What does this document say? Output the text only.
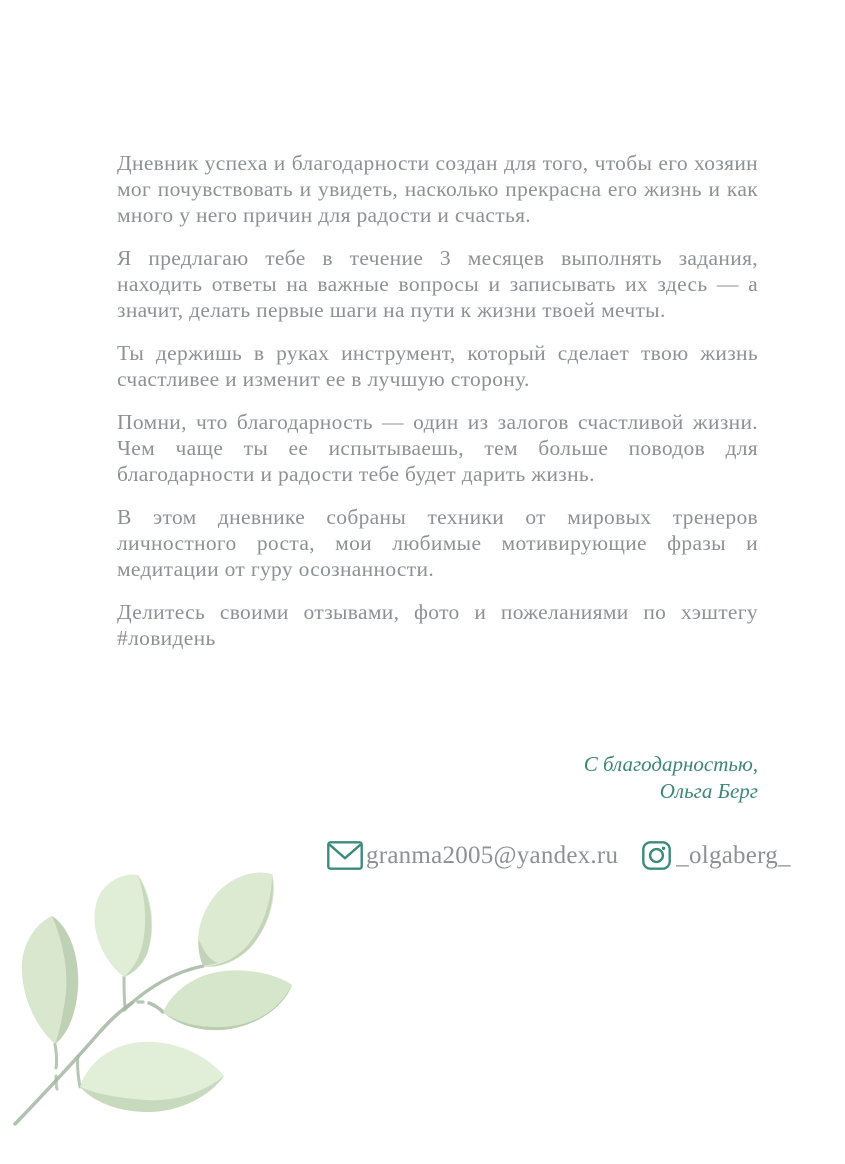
Дневник успеха и благодарности создан для того, чтобы его хозяин мог почувствовать и увидеть, насколько прекрасна его жизнь и как много у него причин для радости и счастья.

Я предлагаю тебе в течение 3 месяцев выполнять задания, находить ответы на важные вопросы и записывать их здесь — а значит, делать первые шаги на пути к жизни твоей мечты.

Ты держишь в руках инструмент, который сделает твою жизнь счастливее и изменит ее в лучшую сторону.

Помни, что благодарность — один из залогов счастливой жизни. Чем чаще ты ее испытываешь, тем больше поводов для благодарности и радости тебе будет дарить жизнь.

В этом дневнике собраны техники от мировых тренеров личностного роста, мои любимые мотивирующие фразы и медитации от гуру осознанности.

Делитесь своими отзывами, фото и пожеланиями по хэштегу #ловидень

С благодарностью,
Ольга Берг
granma2005@yandex.ru _olgaberg_
